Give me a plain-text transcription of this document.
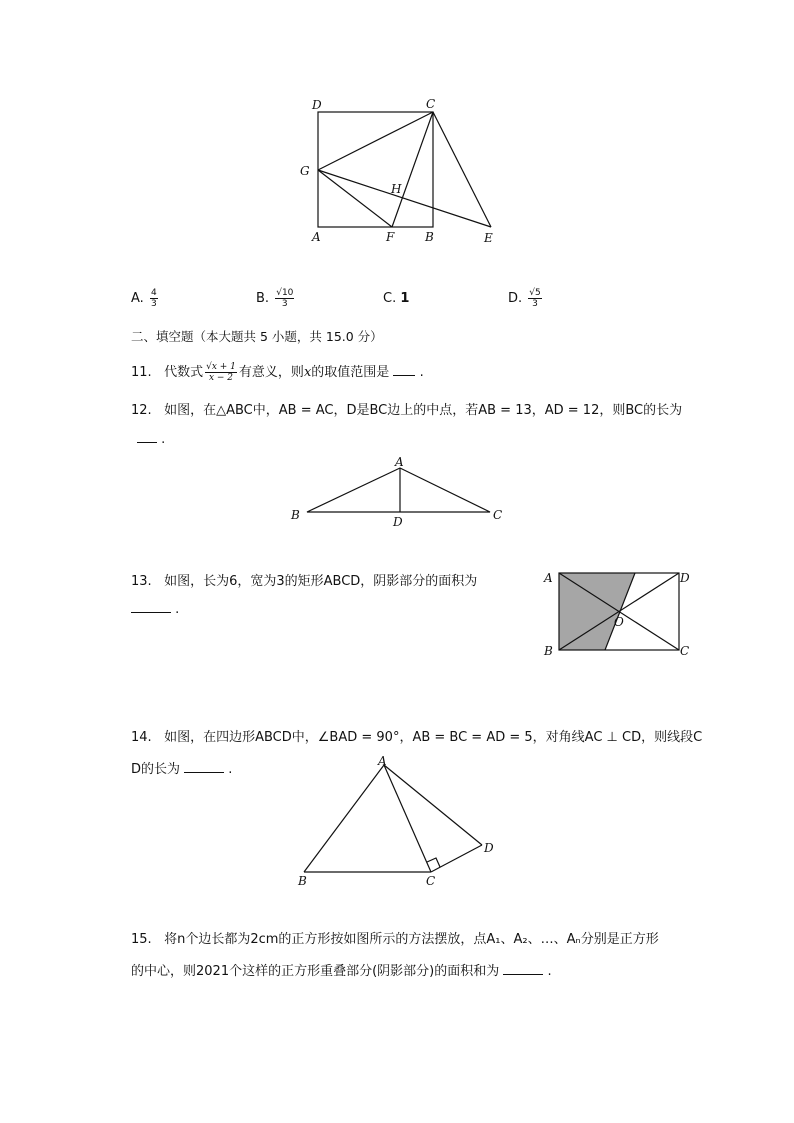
D	C
G
H
A	F	B	E
A. $\frac{4}{3}$	B. $\frac{√10}{3}$	C. 1	D. $\frac{√5}{3}$
二、填空题（本大题共 5 小题，共 15.0 分）
11. 代数式 $\frac{√x + 1}{x - 2}$ 有意义，则x的取值范围是 .
12. 如图，在△ABC中，AB = AC，D是BC边上的中点，若AB = 13，AD = 12，则BC的长为
.
A
B	D	C
13. 如图，长为6，宽为3的矩形ABCD，阴影部分的面积为
.
A	D
O
B	C
14. 如图，在四边形ABCD中，∠BAD = 90°，AB = BC = AD = 5，对角线AC ⊥ CD，则线段C
D的长为	.
A
B	C
D
15. 将n个边长都为2cm的正方形按如图所示的方法摆放，点A₁、A₂、…、Aₙ分别是正方形
的中心，则2021个这样的正方形重叠部分(阴影部分)的面积和为	.
